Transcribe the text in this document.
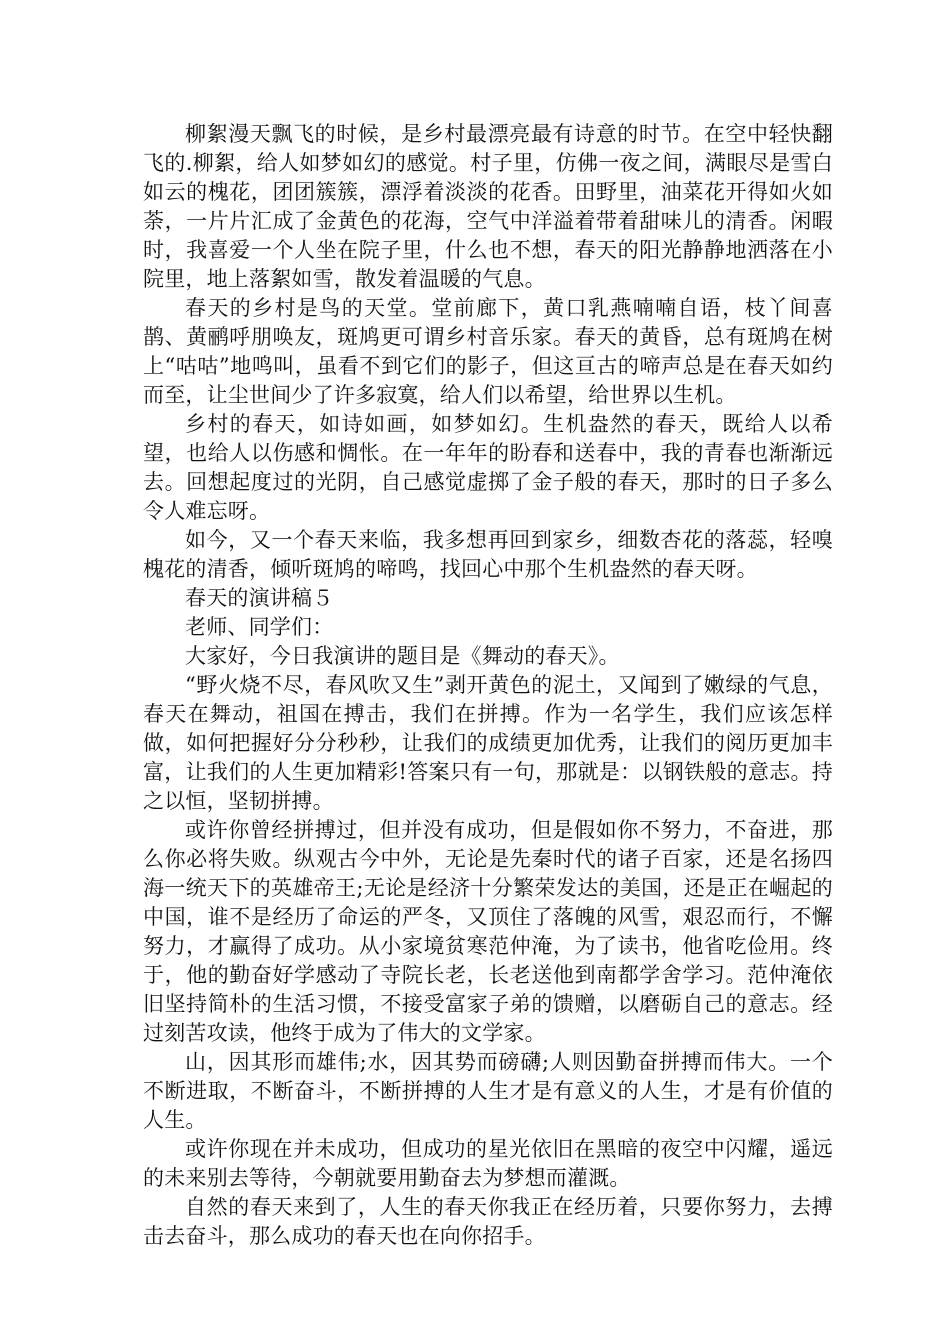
柳絮漫天飘飞的时候，是乡村最漂亮最有诗意的时节。在空中轻快翻飞的.柳絮，给人如梦如幻的感觉。村子里，仿佛一夜之间，满眼尽是雪白如云的槐花，团团簇簇，漂浮着淡淡的花香。田野里，油菜花开得如火如荼，一片片汇成了金黄色的花海，空气中洋溢着带着甜味儿的清香。闲暇时，我喜爱一个人坐在院子里，什么也不想，春天的阳光静静地洒落在小院里，地上落絮如雪，散发着温暖的气息。

春天的乡村是鸟的天堂。堂前廊下，黄口乳燕喃喃自语，枝丫间喜鹊、黄鹂呼朋唤友，斑鸠更可谓乡村音乐家。春天的黄昏，总有斑鸠在树上“咕咕”地鸣叫，虽看不到它们的影子，但这亘古的啼声总是在春天如约而至，让尘世间少了许多寂寞，给人们以希望，给世界以生机。

乡村的春天，如诗如画，如梦如幻。生机盎然的春天，既给人以希望，也给人以伤感和惆怅。在一年年的盼春和送春中，我的青春也渐渐远去。回想起度过的光阴，自己感觉虚掷了金子般的春天，那时的日子多么令人难忘呀。

如今，又一个春天来临，我多想再回到家乡，细数杏花的落蕊，轻嗅槐花的清香，倾听斑鸠的啼鸣，找回心中那个生机盎然的春天呀。

春天的演讲稿５

老师、同学们：

大家好，今日我演讲的题目是《舞动的春天》。

“野火烧不尽，春风吹又生”剥开黄色的泥土，又闻到了嫩绿的气息，春天在舞动，祖国在搏击，我们在拼搏。作为一名学生，我们应该怎样做，如何把握好分分秒秒，让我们的成绩更加优秀，让我们的阅历更加丰富，让我们的人生更加精彩!答案只有一句，那就是：以钢铁般的意志。持之以恒，坚韧拼搏。

或许你曾经拼搏过，但并没有成功，但是假如你不努力，不奋进，那么你必将失败。纵观古今中外，无论是先秦时代的诸子百家，还是名扬四海一统天下的英雄帝王;无论是经济十分繁荣发达的美国，还是正在崛起的中国，谁不是经历了命运的严冬，又顶住了落魄的风雪，艰忍而行，不懈努力，才赢得了成功。从小家境贫寒范仲淹，为了读书，他省吃俭用。终于，他的勤奋好学感动了寺院长老，长老送他到南都学舍学习。范仲淹依旧坚持简朴的生活习惯，不接受富家子弟的馈赠，以磨砺自己的意志。经过刻苦攻读，他终于成为了伟大的文学家。

山，因其形而雄伟;水，因其势而磅礴;人则因勤奋拼搏而伟大。一个不断进取，不断奋斗，不断拼搏的人生才是有意义的人生，才是有价值的人生。

或许你现在并未成功，但成功的星光依旧在黑暗的夜空中闪耀，遥远的未来别去等待，今朝就要用勤奋去为梦想而灌溉。

自然的春天来到了，人生的春天你我正在经历着，只要你努力，去搏击去奋斗，那么成功的春天也在向你招手。
